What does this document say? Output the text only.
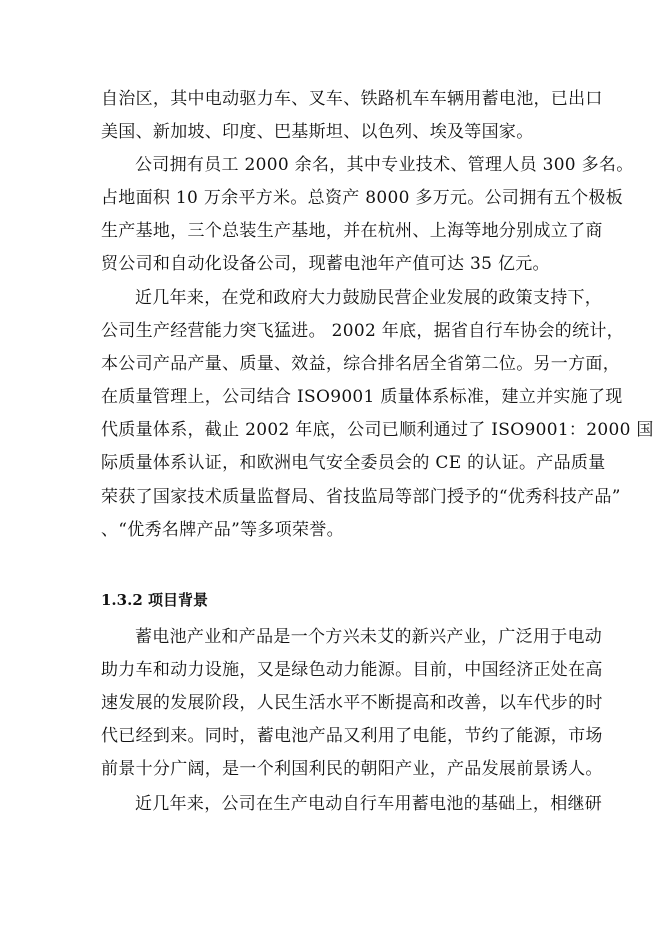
自治区，其中电动驱力车、叉车、铁路机车车辆用蓄电池，已出口
美国、新加坡、印度、巴基斯坦、以色列、埃及等国家。
公司拥有员工 2000 余名，其中专业技术、管理人员 300 多名。
占地面积 10 万余平方米。总资产 8000 多万元。公司拥有五个极板
生产基地，三个总装生产基地，并在杭州、上海等地分别成立了商
贸公司和自动化设备公司，现蓄电池年产值可达 35 亿元。
近几年来，在党和政府大力鼓励民营企业发展的政策支持下，
公司生产经营能力突飞猛进。 2002 年底，据省自行车协会的统计，
本公司产品产量、质量、效益，综合排名居全省第二位。另一方面，
在质量管理上，公司结合 ISO9001 质量体系标准，建立并实施了现
代质量体系，截止 2002 年底，公司已顺利通过了 ISO9001：2000 国
际质量体系认证，和欧洲电气安全委员会的 CE 的认证。产品质量
荣获了国家技术质量监督局、省技监局等部门授予的“优秀科技产品”
、“优秀名牌产品”等多项荣誉。
1.3.2 项目背景
蓄电池产业和产品是一个方兴未艾的新兴产业，广泛用于电动
助力车和动力设施，又是绿色动力能源。目前，中国经济正处在高
速发展的发展阶段，人民生活水平不断提高和改善，以车代步的时
代已经到来。同时，蓄电池产品又利用了电能，节约了能源，市场
前景十分广阔，是一个利国利民的朝阳产业，产品发展前景诱人。
近几年来，公司在生产电动自行车用蓄电池的基础上，相继研
